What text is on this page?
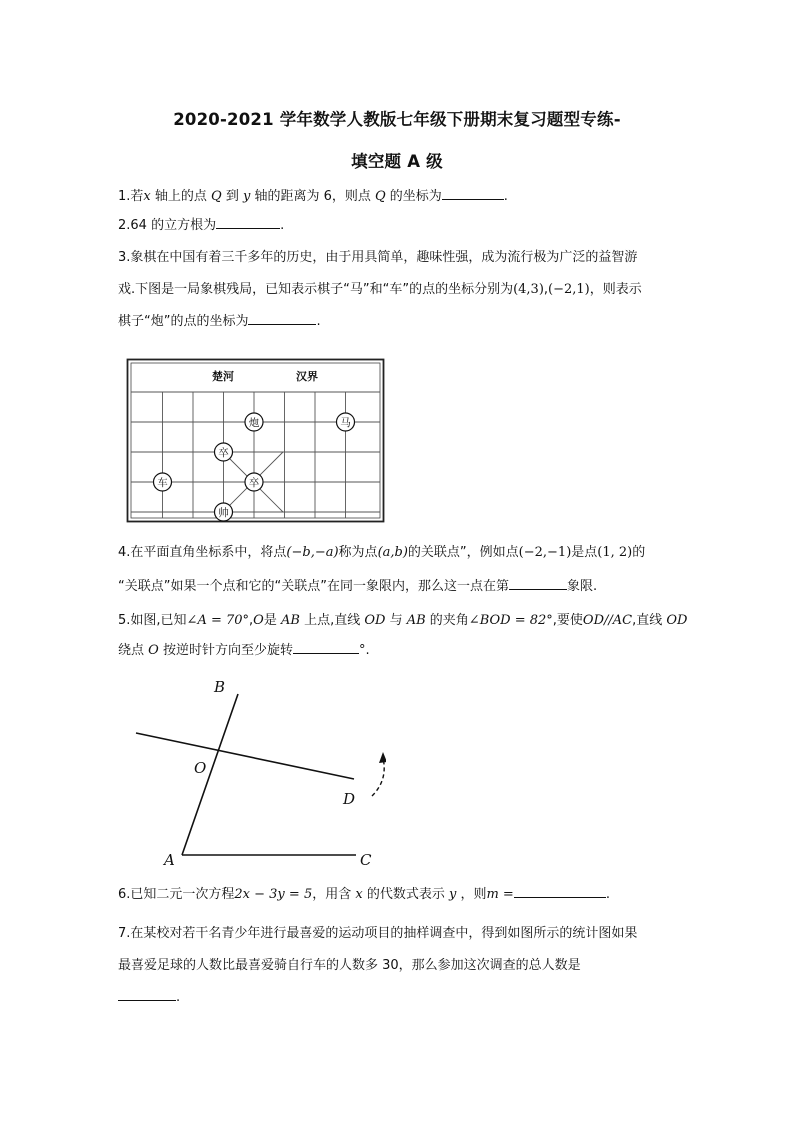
2020-2021 学年数学人教版七年级下册期末复习题型专练-
填空题 A 级
1.若x 轴上的点 Q 到 y 轴的距离为 6，则点 Q 的坐标为	.
2.64 的立方根为	.
3.象棋在中国有着三千多年的历史，由于用具简单，趣味性强，成为流行极为广泛的益智游
戏.下图是一局象棋残局，已知表示棋子“马”和“车”的点的坐标分别为(4,3),(−2,1)，则表示
棋子“炮”的点的坐标为	.
楚河	汉界
炮	马
卒
车	卒
帅
4.在平面直角坐标系中，将点(−b,−a)称为点(a,b)的关联点”，例如点(−2,−1)是点(1, 2)的
“关联点”如果一个点和它的“关联点”在同一象限内，那么这一点在第	象限.
5.如图,已知∠A = 70°,O是 AB 上点,直线 OD 与 AB 的夹角∠BOD = 82°,要使OD//AC,直线 OD
绕点 O 按逆时针方向至少旋转	°.
B
O
D
A	C
6.已知二元一次方程2x − 3y = 5，用含 x 的代数式表示 y ，则m =	.
7.在某校对若干名青少年进行最喜爱的运动项目的抽样调查中，得到如图所示的统计图如果
最喜爱足球的人数比最喜爱骑自行车的人数多 30，那么参加这次调查的总人数是
.
